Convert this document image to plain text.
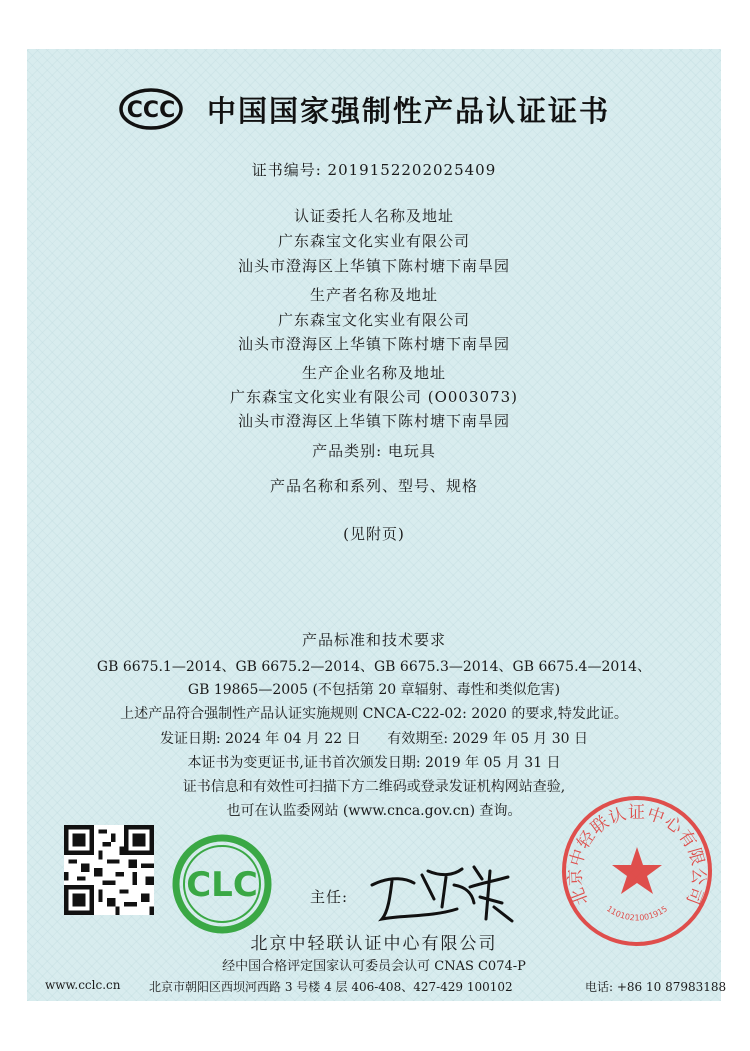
CCC 中国国家强制性产品认证证书
证书编号: 2019152202025409
认证委托人名称及地址
广东森宝文化实业有限公司
汕头市澄海区上华镇下陈村塘下南旱园
生产者名称及地址
广东森宝文化实业有限公司
汕头市澄海区上华镇下陈村塘下南旱园
生产企业名称及地址
广东森宝文化实业有限公司 (O003073)
汕头市澄海区上华镇下陈村塘下南旱园
产品类别: 电玩具
产品名称和系列、型号、规格
(见附页)
产品标准和技术要求
GB 6675.1—2014、GB 6675.2—2014、GB 6675.3—2014、GB 6675.4—2014、
GB 19865—2005 (不包括第 20 章辐射、毒性和类似危害)
上述产品符合强制性产品认证实施规则 CNCA-C22-02: 2020 的要求,特发此证。
发证日期: 2024 年 04 月 22 日      有效期至: 2029 年 05 月 30 日
本证书为变更证书,证书首次颁发日期: 2019 年 05 月 31 日
证书信息和有效性可扫描下方二维码或登录发证机构网站查验,
也可在认监委网站 (www.cnca.gov.cn) 查询。
CLC	主任:	北京中轻联认证中心有限公司
1101021001915
北京中轻联认证中心有限公司
经中国合格评定国家认可委员会认可 CNAS C074-P
www.cclc.cn 北京市朝阳区西坝河西路 3 号楼 4 层 406-408、427-429 100102	电话: +86 10 87983188
